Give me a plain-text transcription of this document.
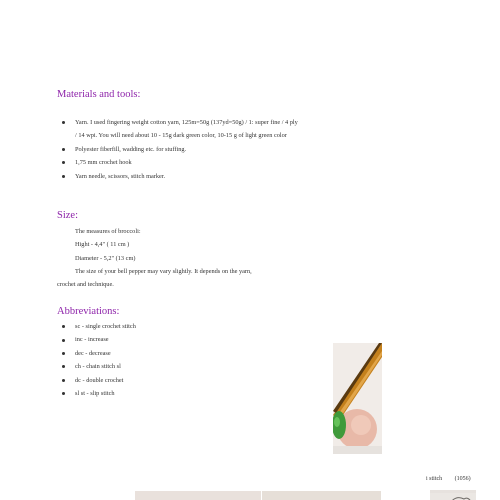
Materials and tools:
Yarn. I used fingering weight cotton yarn, 125m=50g (137yd=50g) / 1: super fine / 4 ply / 14 wpi. You will need about 10 - 15g dark green color, 10-15 g of light green color
Polyester fiberfill, wadding etc. for stuffing.
1,75 mm crochet hook
Yarn needle, scissors, stitch marker.
Size:
The measures of broccoli:
Hight - 4,4" ( 11 cm )
Diameter - 5,2" (13 cm)
The size of your bell pepper may vary slightly. It depends on the yarn,
crochet and technique.
Abbreviations:
sc - single crochet stitch
inc - increase
dec - decrease
ch - chain stitch sl
dc - double crochet
sl st - slip stitch
i stitch (1056)
